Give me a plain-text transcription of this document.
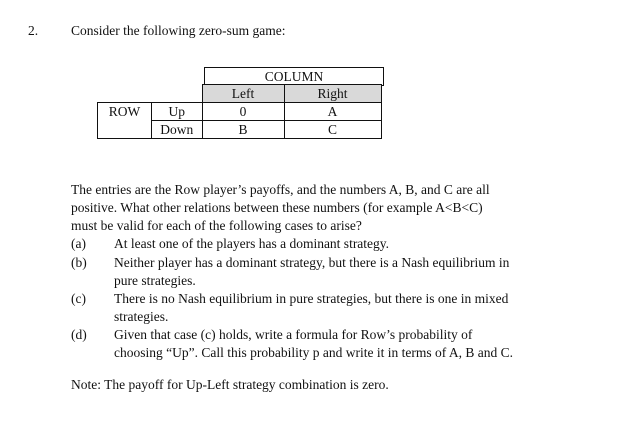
2. Consider the following zero-sum game:
COLUMN
		Left	Right
ROW	Up	0	A
	Down	B	C
The entries are the Row player’s payoffs, and the numbers A, B, and C are all
positive. What other relations between these numbers (for example A<B<C)
must be valid for each of the following cases to arise?
(a) At least one of the players has a dominant strategy.
(b) Neither player has a dominant strategy, but there is a Nash equilibrium in
pure strategies.
(c) There is no Nash equilibrium in pure strategies, but there is one in mixed
strategies.
(d) Given that case (c) holds, write a formula for Row’s probability of
choosing “Up”. Call this probability p and write it in terms of A, B and C.
Note: The payoff for Up-Left strategy combination is zero.
